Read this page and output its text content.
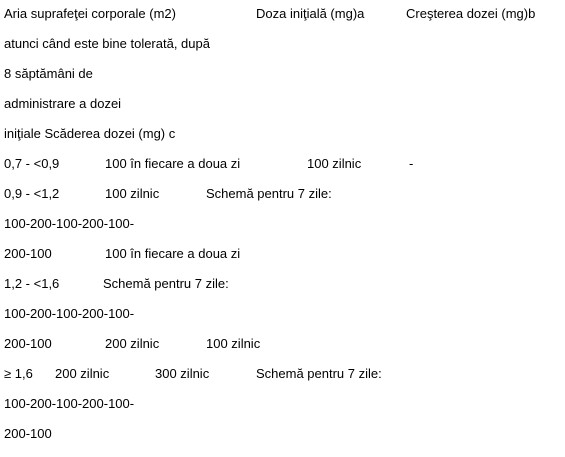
Aria suprafeţei corporale (m2)	Doza iniţială (mg)a	Creşterea dozei (mg)b
atunci când este bine tolerată, după
8 săptămâni de
administrare a dozei
iniţiale Scăderea dozei (mg) c
0,7 - <0,9	100 în fiecare a doua zi	100 zilnic	-
0,9 - <1,2	100 zilnic	Schemă pentru 7 zile:
100-200-100-200-100-
200-100	100 în fiecare a doua zi
1,2 - <1,6	Schemă pentru 7 zile:
100-200-100-200-100-
200-100	200 zilnic	100 zilnic
≥ 1,6 200 zilnic	300 zilnic	Schemă pentru 7 zile:
100-200-100-200-100-
200-100
